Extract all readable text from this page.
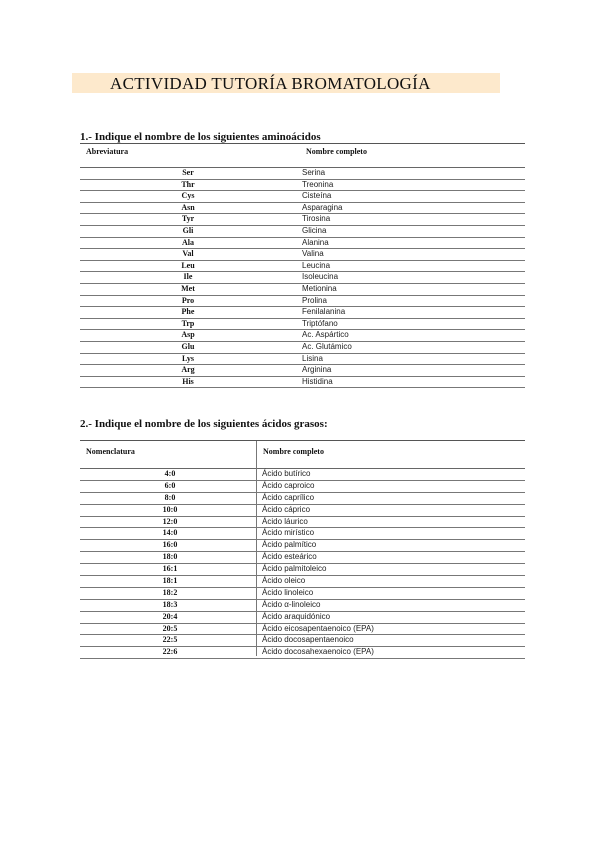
ACTIVIDAD TUTORÍA BROMATOLOGÍA
1.- Indique el nombre de los siguientes aminoácidos
Abreviatura	Nombre completo
Ser	Serina
Thr	Treonina
Cys	Cisteína
Asn	Asparagina
Tyr	Tirosina
Gli	Glicina
Ala	Alanina
Val	Valina
Leu	Leucina
Ile	Isoleucina
Met	Metionina
Pro	Prolina
Phe	Fenilalanina
Trp	Triptófano
Asp	Ac. Aspártico
Glu	Ac. Glutámico
Lys	Lisina
Arg	Arginina
His	Histidina
2.- Indique el nombre de los siguientes ácidos grasos:
Nomenclatura	Nombre completo
4:0	Ácido butírico
6:0	Ácido caproico
8:0	Ácido caprílico
10:0	Ácido cáprico
12:0	Ácido láurico
14:0	Ácido mirístico
16:0	Ácido palmítico
18:0	Ácido esteárico
16:1	Ácido palmitoleico
18:1	Ácido oleico
18:2	Ácido linoleico
18:3	Ácido α-linoleico
20:4	Ácido araquidónico
20:5	Ácido eicosapentaenoico (EPA)
22:5	Ácido docosapentaenoico
22:6	Ácido docosahexaenoico (EPA)
